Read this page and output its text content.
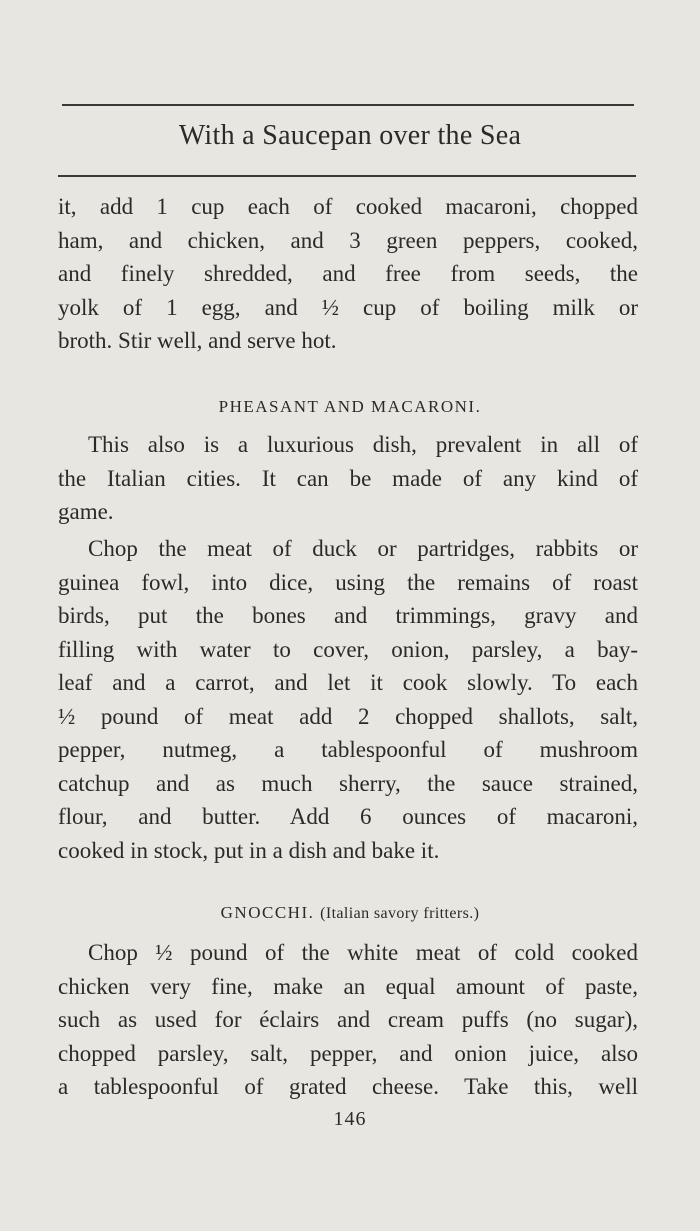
With a Saucepan over the Sea
it, add 1 cup each of cooked macaroni, chopped
ham, and chicken, and 3 green peppers, cooked,
and finely shredded, and free from seeds, the
yolk of 1 egg, and ½ cup of boiling milk or
broth. Stir well, and serve hot.
PHEASANT AND MACARONI.
This also is a luxurious dish, prevalent in all of
the Italian cities. It can be made of any kind of
game.
Chop the meat of duck or partridges, rabbits or
guinea fowl, into dice, using the remains of roast
birds, put the bones and trimmings, gravy and
filling with water to cover, onion, parsley, a bay-
leaf and a carrot, and let it cook slowly. To each
½ pound of meat add 2 chopped shallots, salt,
pepper, nutmeg, a tablespoonful of mushroom
catchup and as much sherry, the sauce strained,
flour, and butter. Add 6 ounces of macaroni,
cooked in stock, put in a dish and bake it.
GNOCCHI. (Italian savory fritters.)
Chop ½ pound of the white meat of cold cooked
chicken very fine, make an equal amount of paste,
such as used for éclairs and cream puffs (no sugar),
chopped parsley, salt, pepper, and onion juice, also
a tablespoonful of grated cheese. Take this, well
146
